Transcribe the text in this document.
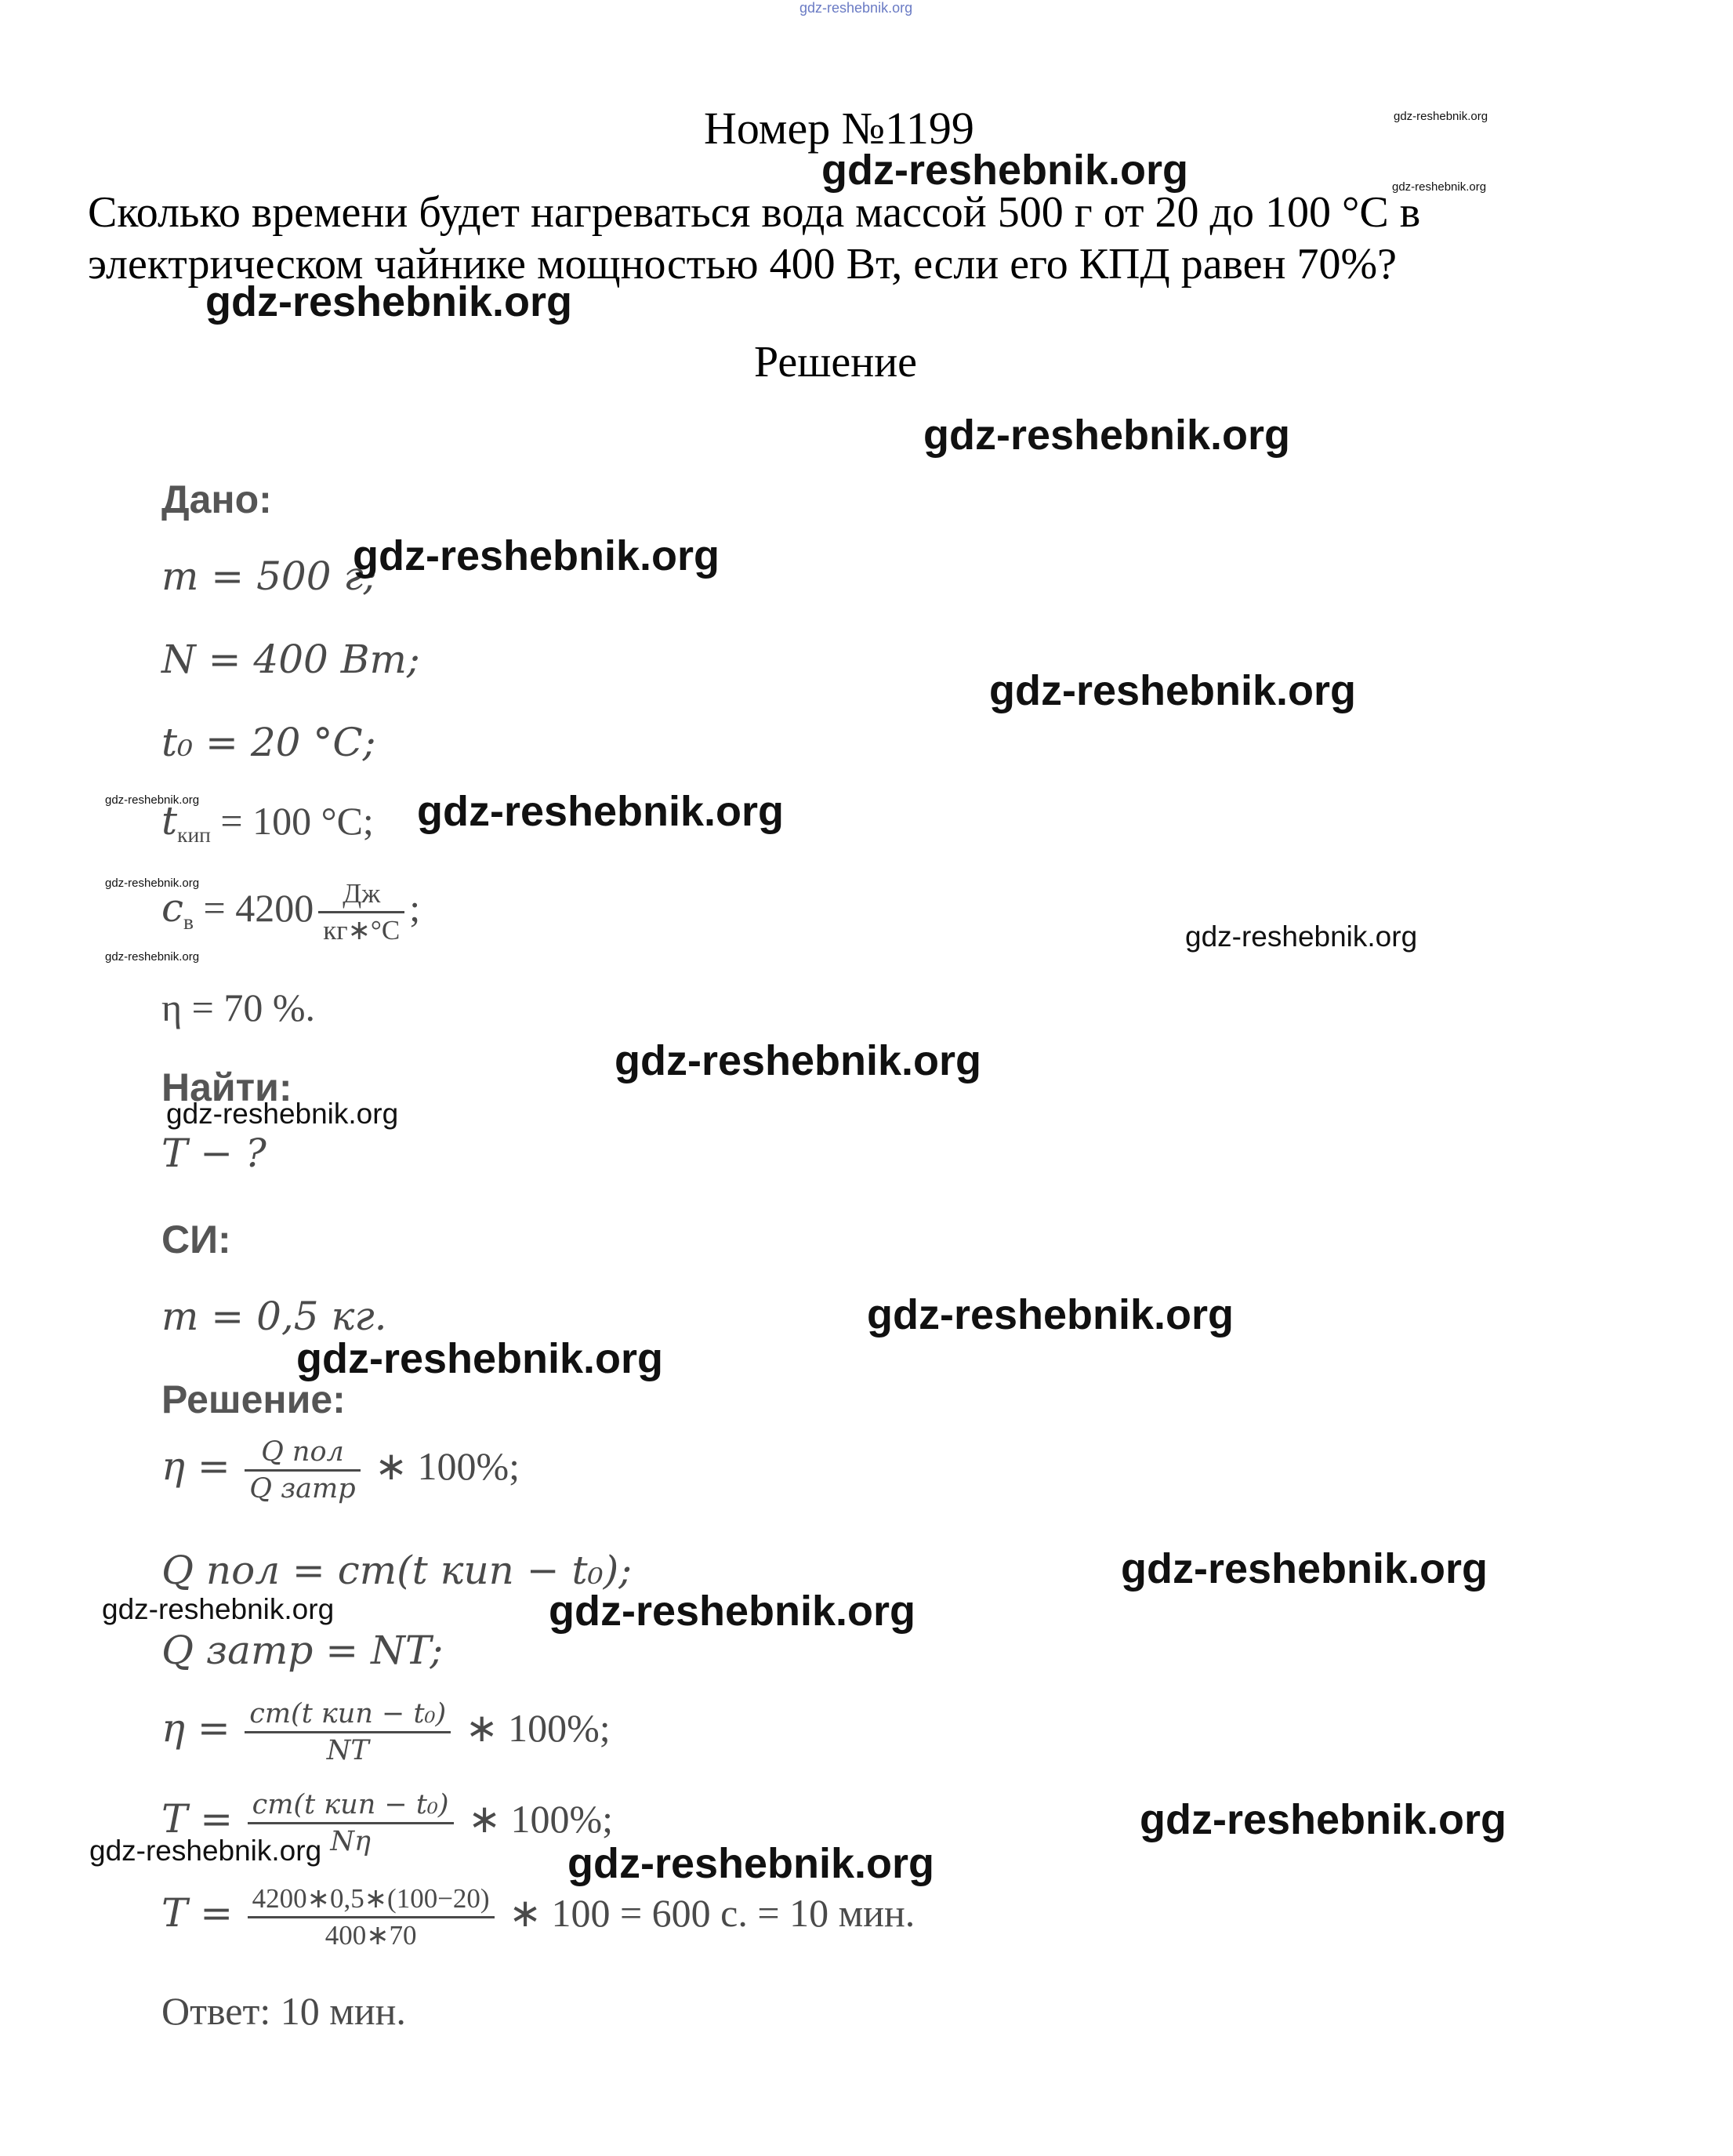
gdz-reshebnik.org
Номер №1199
Сколько времени будет нагреваться вода массой 500 г от 20 до 100 °С в
электрическом чайнике мощностью 400 Вт, если его КПД равен 70%?
Решение
Дано:
m = 500 г;
N = 400 Вт;
t₀ = 20 °С;
tкип = 100 °С;
cв = $4200 \frac{Дж}{кг∗^\circ С}$ ;
η = 70 %.
Найти:
T − ?
СИ:
m = 0,5 кг.
Решение:
$\eta = \frac{\text{Q пол}}{\text{Q затр}}$ ∗ 100%;
Q пол = cm(t кип − t₀);
Q затр = NT;
$\eta = \frac{\text{cm(t кип − t₀)}}{NT}$ ∗ 100%;
$T = \frac{\text{cm(t кип − t₀)}}{N\eta}$ ∗ 100%;
$T = \frac{4200∗0,5∗(100-20)}{400∗70}$ ∗ 100 = 600 с. = 10 мин.
Ответ: 10 мин.
gdz-reshebnik.org
gdz-reshebnik.org	gdz-reshebnik.org
gdz-reshebnik.org
gdz-reshebnik.org
gdz-reshebnik.org
gdz-reshebnik.org
gdz-reshebnik.org	gdz-reshebnik.org
gdz-reshebnik.org
gdz-reshebnik.org
gdz-reshebnik.org
gdz-reshebnik.org
gdz-reshebnik.org
gdz-reshebnik.org
gdz-reshebnik.org
gdz-reshebnik.org
gdz-reshebnik.org	gdz-reshebnik.org
gdz-reshebnik.org
gdz-reshebnik.org	gdz-reshebnik.org
